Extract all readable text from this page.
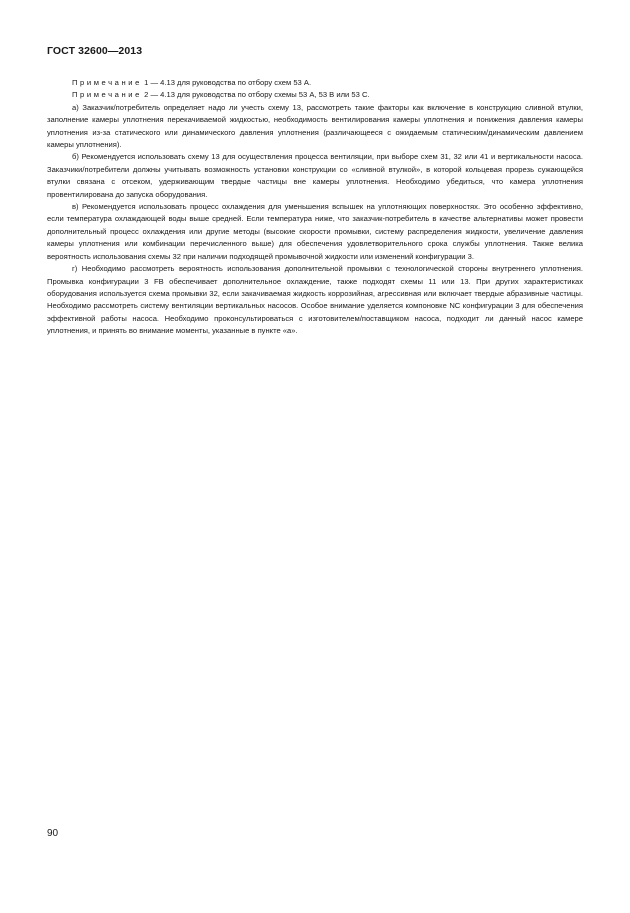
ГОСТ 32600—2013

Примечание 1 — 4.13 для руководства по отбору схем 53 А.

Примечание 2 — 4.13 для руководства по отбору схемы 53 А, 53 В или 53 С.

а) Заказчик/потребитель определяет надо ли учесть схему 13, рассмотреть такие факторы как включение в конструкцию сливной втулки, заполнение камеры уплотнения перекачиваемой жидкостью, необходимость вентилирования камеры уплотнения и понижения давления камеры уплотнения из-за статического или динамического давления уплотнения (различающееся с ожидаемым статическим/динамическим давлением камеры уплотнения).

б) Рекомендуется использовать схему 13 для осуществления процесса вентиляции, при выборе схем 31, 32 или 41 и вертикальности насоса. Заказчики/потребители должны учитывать возможность установки конструкции со «сливной втулкой», в которой кольцевая прорезь сужающейся втулки связана с отсеком, удерживающим твердые частицы вне камеры уплотнения. Необходимо убедиться, что камера уплотнения провентилирована до запуска оборудования.

в) Рекомендуется использовать процесс охлаждения для уменьшения вспышек на уплотняющих поверхностях. Это особенно эффективно, если температура охлаждающей воды выше средней. Если температура ниже, что заказчик-потребитель в качестве альтернативы может провести дополнительный процесс охлаждения или другие методы (высокие скорости промывки, систему распределения жидкости, увеличение давления камеры уплотнения или комбинации перечисленного выше) для обеспечения удовлетворительного срока службы уплотнения. Также велика вероятность использования схемы 32 при наличии подходящей промывочной жидкости или изменений конфигурации 3.

г) Необходимо рассмотреть вероятность использования дополнительной промывки с технологической стороны внутреннего уплотнения. Промывка конфигурации 3 FB обеспечивает дополнительное охлаждение, также подходят схемы 11 или 13. При других характеристиках оборудования используется схема промывки 32, если закачиваемая жидкость коррозийная, агрессивная или включает твердые абразивные частицы. Необходимо рассмотреть систему вентиляции вертикальных насосов. Особое внимание уделяется компоновке NC конфигурации 3 для обеспечения эффективной работы насоса. Необходимо проконсультироваться с изготовителем/поставщиком насоса, подходит ли данный насос камере уплотнения, и принять во внимание моменты, указанные в пункте «а».

90
